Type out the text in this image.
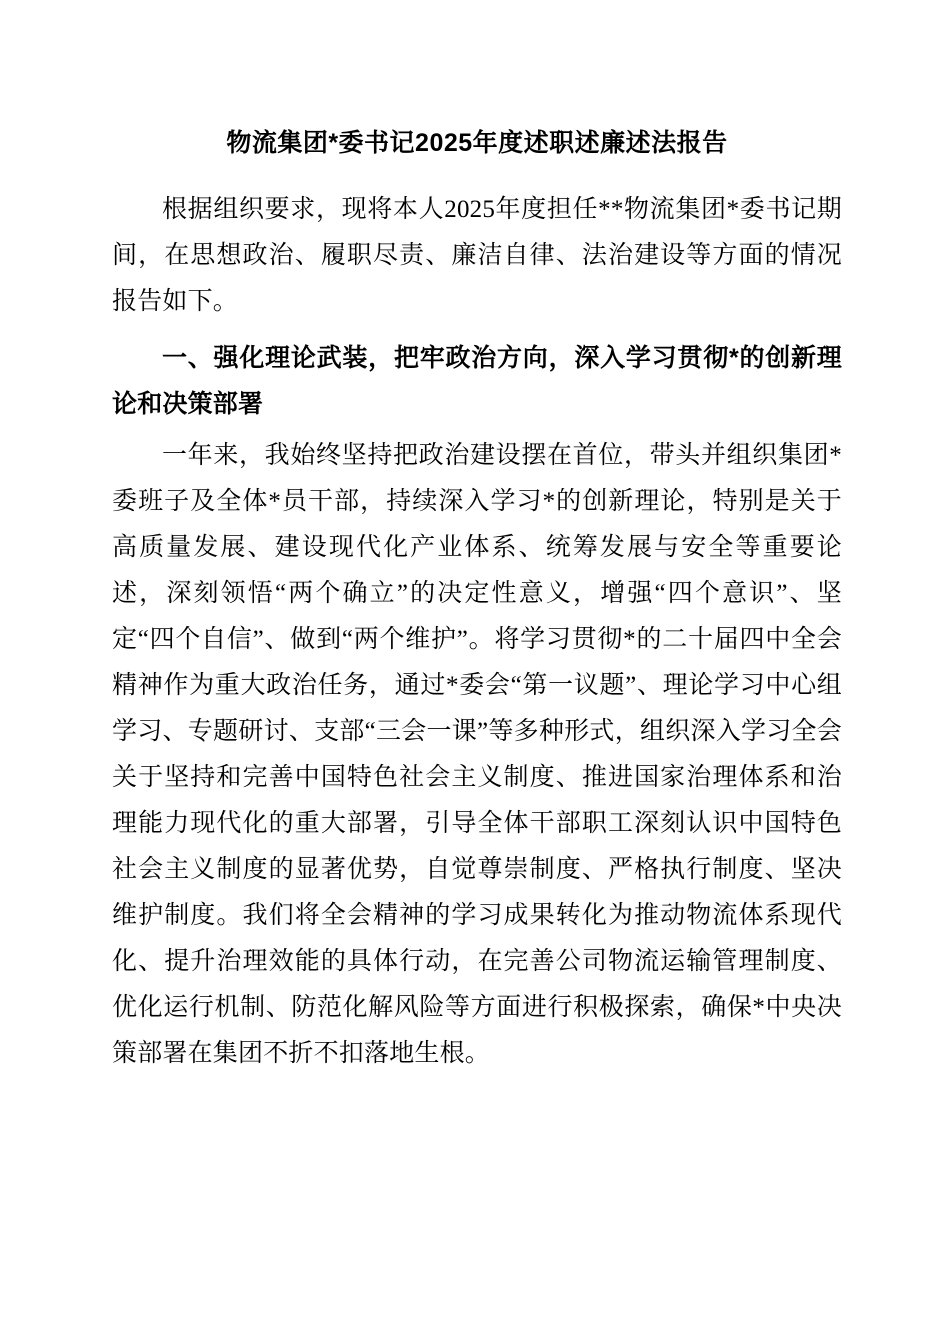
物流集团*委书记2025年度述职述廉述法报告

根据组织要求，现将本人2025年度担任**物流集团*委书记期间，在思想政治、履职尽责、廉洁自律、法治建设等方面的情况报告如下。

一、强化理论武装，把牢政治方向，深入学习贯彻*的创新理论和决策部署

一年来，我始终坚持把政治建设摆在首位，带头并组织集团*委班子及全体*员干部，持续深入学习*的创新理论，特别是关于高质量发展、建设现代化产业体系、统筹发展与安全等重要论述，深刻领悟“两个确立”的决定性意义，增强“四个意识”、坚定“四个自信”、做到“两个维护”。将学习贯彻*的二十届四中全会精神作为重大政治任务，通过*委会“第一议题”、理论学习中心组学习、专题研讨、支部“三会一课”等多种形式，组织深入学习全会关于坚持和完善中国特色社会主义制度、推进国家治理体系和治理能力现代化的重大部署，引导全体干部职工深刻认识中国特色社会主义制度的显著优势，自觉尊崇制度、严格执行制度、坚决维护制度。我们将全会精神的学习成果转化为推动物流体系现代化、提升治理效能的具体行动，在完善公司物流运输管理制度、优化运行机制、防范化解风险等方面进行积极探索，确保*中央决策部署在集团不折不扣落地生根。
